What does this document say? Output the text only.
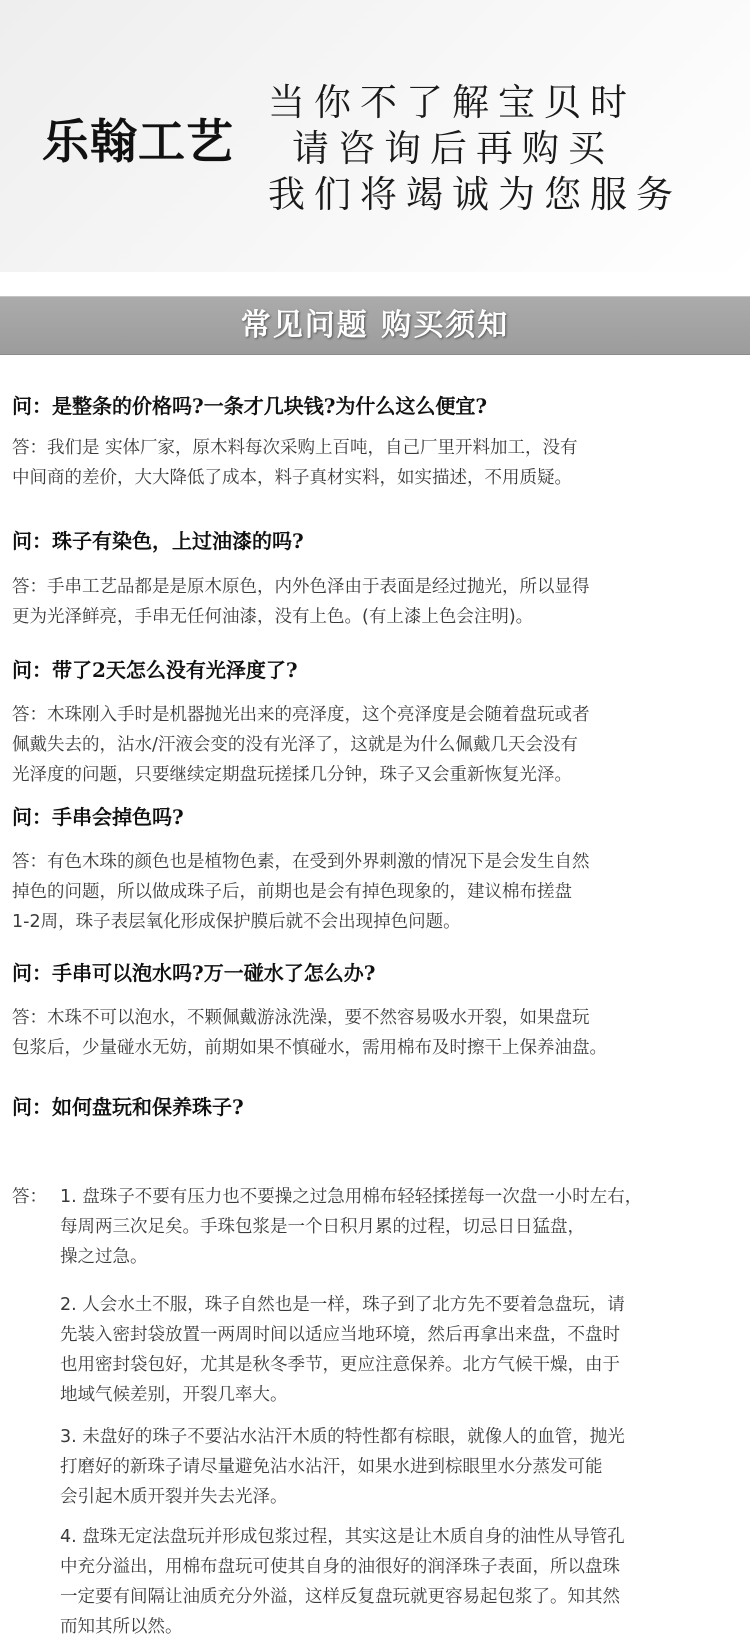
乐翰工艺
当你不了解宝贝时
请咨询后再购买
我们将竭诚为您服务
常见问题 购买须知
问：是整条的价格吗?一条才几块钱?为什么这么便宜?
答：我们是 实体厂家，原木料每次采购上百吨，自己厂里开料加工，没有
中间商的差价，大大降低了成本，料子真材实料，如实描述，不用质疑。
问：珠子有染色，上过油漆的吗?
答：手串工艺品都是是原木原色，内外色泽由于表面是经过抛光，所以显得
更为光泽鲜亮，手串无任何油漆，没有上色。(有上漆上色会注明)。
问：带了2天怎么没有光泽度了?
答：木珠刚入手时是机器抛光出来的亮泽度，这个亮泽度是会随着盘玩或者
佩戴失去的，沾水/汗液会变的没有光泽了，这就是为什么佩戴几天会没有
光泽度的问题，只要继续定期盘玩搓揉几分钟，珠子又会重新恢复光泽。
问：手串会掉色吗?
答：有色木珠的颜色也是植物色素，在受到外界刺激的情况下是会发生自然
掉色的问题，所以做成珠子后，前期也是会有掉色现象的，建议棉布搓盘
1-2周，珠子表层氧化形成保护膜后就不会出现掉色问题。
问：手串可以泡水吗?万一碰水了怎么办?
答：木珠不可以泡水，不颗佩戴游泳洗澡，要不然容易吸水开裂，如果盘玩
包浆后，少量碰水无妨，前期如果不慎碰水，需用棉布及时擦干上保养油盘。
问：如何盘玩和保养珠子?
答： 1. 盘珠子不要有压力也不要操之过急用棉布轻轻揉搓每一次盘一小时左右，
每周两三次足矣。手珠包浆是一个日积月累的过程，切忌日日猛盘，
操之过急。
2. 人会水土不服，珠子自然也是一样，珠子到了北方先不要着急盘玩，请
先装入密封袋放置一两周时间以适应当地环境，然后再拿出来盘，不盘时
也用密封袋包好，尤其是秋冬季节，更应注意保养。北方气候干燥，由于
地域气候差别，开裂几率大。
3. 未盘好的珠子不要沾水沾汗木质的特性都有棕眼，就像人的血管，抛光
打磨好的新珠子请尽量避免沾水沾汗，如果水进到棕眼里水分蒸发可能
会引起木质开裂并失去光泽。
4. 盘珠无定法盘玩并形成包浆过程，其实这是让木质自身的油性从导管孔
中充分溢出，用棉布盘玩可使其自身的油很好的润泽珠子表面，所以盘珠
一定要有间隔让油质充分外溢，这样反复盘玩就更容易起包浆了。知其然
而知其所以然。
